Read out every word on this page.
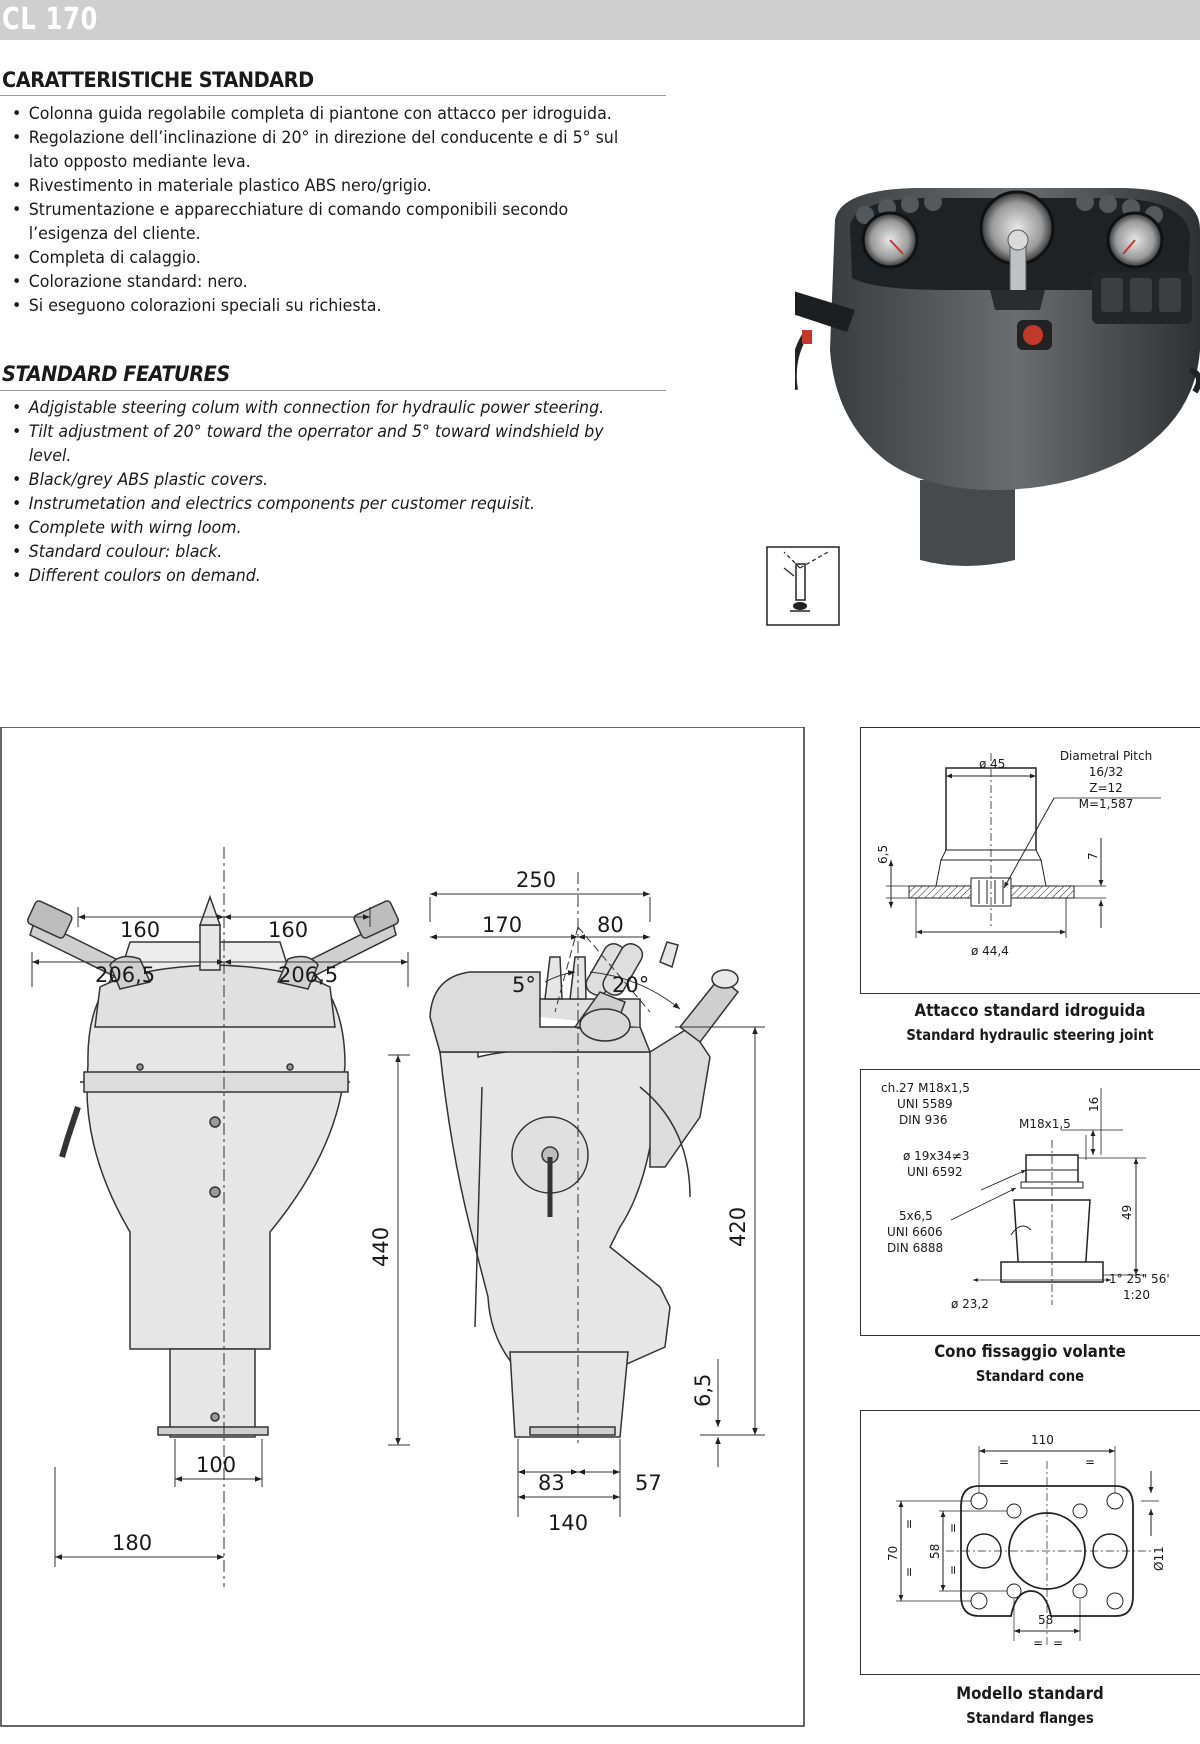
CL 170
CARATTERISTICHE STANDARD
• Colonna guida regolabile completa di piantone con attacco per idroguida.
• Regolazione dell’inclinazione di 20° in direzione del conducente e di 5° sul lato opposto mediante leva.
• Rivestimento in materiale plastico ABS nero/grigio.
• Strumentazione e apparecchiature di comando componibili secondo l’esigenza del cliente.
• Completa di calaggio.
• Colorazione standard: nero.
• Si eseguono colorazioni speciali su richiesta.
STANDARD FEATURES
• Adjgistable steering colum with connection for hydraulic power steering.
• Tilt adjustment of 20° toward the operrator and 5° toward windshield by level.
• Black/grey ABS plastic covers.
• Instrumetation and electrics components per customer requisit.
• Complete with wirng loom.
• Standard coulour: black.
• Different coulors on demand.
160	160
206,5	206,5
440
100
180
250
170	80
5°	20°
420
6,5
83	57
140
ø 45
Diametral Pitch
16/32
Z=12
M=1,587
6,5	7
ø 44,4
Attacco standard idroguida
Standard hydraulic steering joint
ch.27 M18x1,5
UNI 5589
DIN 936
ø 19x34≠3
UNI 6592
5x6,5
UNI 6606
DIN 6888
ø 23,2
M18x1,5
16
49
1° 25" 56'
1:20
Cono fissaggio volante
Standard cone
110
=	=
70
=
=
58
=
=
58
= =
Ø11
Modello standard
Standard flanges
